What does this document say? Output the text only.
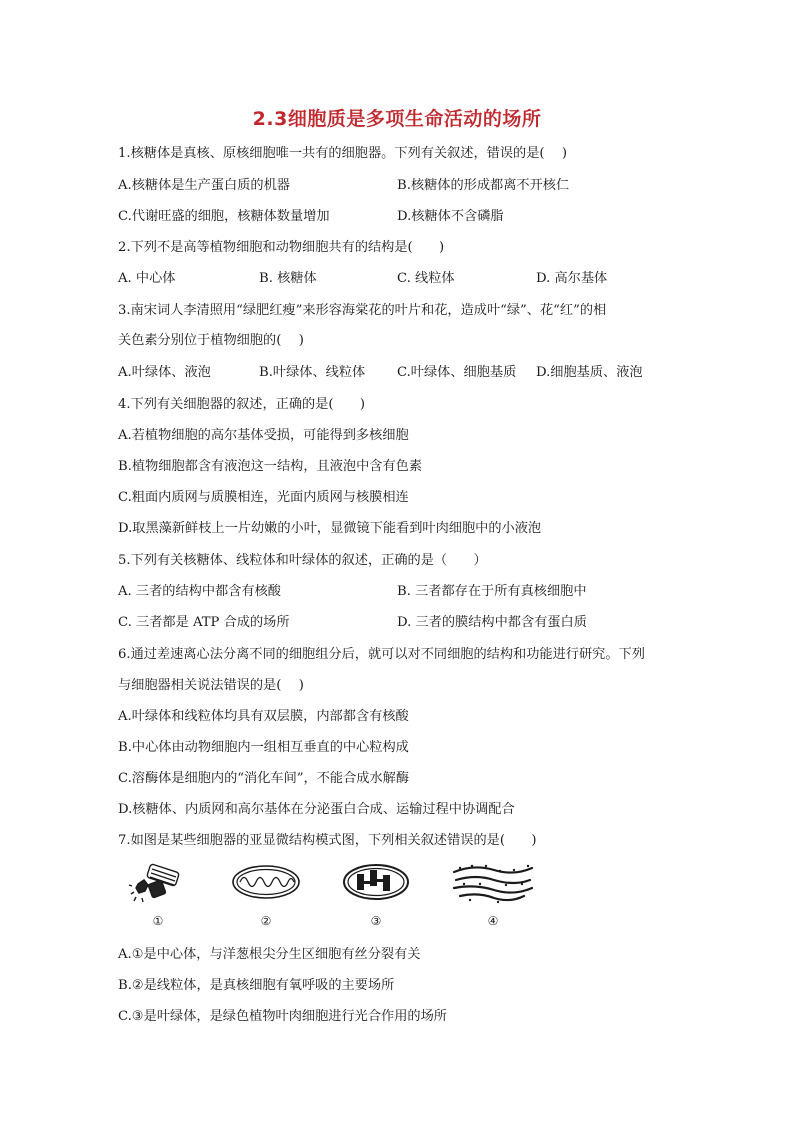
2.3细胞质是多项生命活动的场所
1.核糖体是真核、原核细胞唯一共有的细胞器。下列有关叙述，错误的是(　 )
A.核糖体是生产蛋白质的机器	B.核糖体的形成都离不开核仁
C.代谢旺盛的细胞，核糖体数量增加	D.核糖体不含磷脂
2.下列不是高等植物细胞和动物细胞共有的结构是(　　)
A. 中心体	B. 核糖体	C. 线粒体	D. 高尔基体
3.南宋词人李清照用“绿肥红瘦”来形容海棠花的叶片和花，造成叶“绿”、花“红”的相
关色素分别位于植物细胞的(　 )
A.叶绿体、液泡	B.叶绿体、线粒体 C.叶绿体、细胞基质 D.细胞基质、液泡
4.下列有关细胞器的叙述，正确的是(　　)
A.若植物细胞的高尔基体受损，可能得到多核细胞
B.植物细胞都含有液泡这一结构，且液泡中含有色素
C.粗面内质网与质膜相连，光面内质网与核膜相连
D.取黑藻新鲜枝上一片幼嫩的小叶，显微镜下能看到叶肉细胞中的小液泡
5.下列有关核糖体、线粒体和叶绿体的叙述，正确的是（　　）
A. 三者的结构中都含有核酸	B. 三者都存在于所有真核细胞中
C. 三者都是 ATP 合成的场所	D. 三者的膜结构中都含有蛋白质
6.通过差速离心法分离不同的细胞组分后，就可以对不同细胞的结构和功能进行研究。下列
与细胞器相关说法错误的是(　 )
A.叶绿体和线粒体均具有双层膜，内部都含有核酸
B.中心体由动物细胞内一组相互垂直的中心粒构成
C.溶酶体是细胞内的“消化车间”，不能合成水解酶
D.核糖体、内质网和高尔基体在分泌蛋白合成、运输过程中协调配合
7.如图是某些细胞器的亚显微结构模式图，下列相关叙述错误的是(　　)
①	②	③	④
A.①是中心体，与洋葱根尖分生区细胞有丝分裂有关
B.②是线粒体，是真核细胞有氧呼吸的主要场所
C.③是叶绿体，是绿色植物叶肉细胞进行光合作用的场所
